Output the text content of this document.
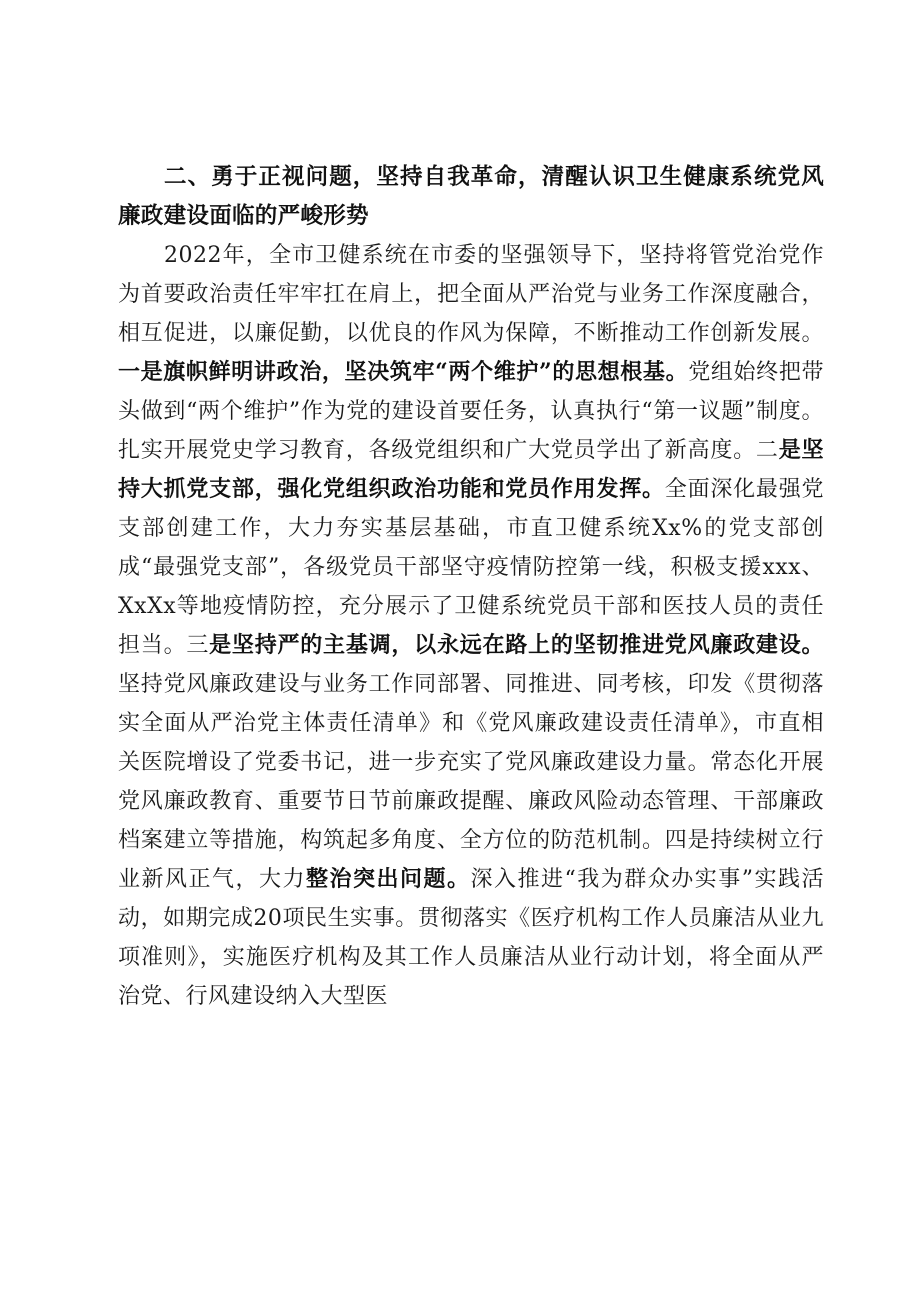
二、勇于正视问题，坚持自我革命，清醒认识卫生健康系统党风廉政建设面临的严峻形势

2022年，全市卫健系统在市委的坚强领导下，坚持将管党治党作为首要政治责任牢牢扛在肩上，把全面从严治党与业务工作深度融合，相互促进，以廉促勤，以优良的作风为保障，不断推动工作创新发展。一是旗帜鲜明讲政治，坚决筑牢“两个维护”的思想根基。党组始终把带头做到“两个维护”作为党的建设首要任务，认真执行“第一议题”制度。扎实开展党史学习教育，各级党组织和广大党员学出了新高度。二是坚持大抓党支部，强化党组织政治功能和党员作用发挥。全面深化最强党支部创建工作，大力夯实基层基础，市直卫健系统Xx%的党支部创成“最强党支部”，各级党员干部坚守疫情防控第一线，积极支援xxx、XxXx等地疫情防控，充分展示了卫健系统党员干部和医技人员的责任担当。三是坚持严的主基调，以永远在路上的坚韧推进党风廉政建设。坚持党风廉政建设与业务工作同部署、同推进、同考核，印发《贯彻落实全面从严治党主体责任清单》和《党风廉政建设责任清单》，市直相关医院增设了党委书记，进一步充实了党风廉政建设力量。常态化开展党风廉政教育、重要节日节前廉政提醒、廉政风险动态管理、干部廉政档案建立等措施，构筑起多角度、全方位的防范机制。四是持续树立行业新风正气，大力整治突出问题。深入推进“我为群众办实事”实践活动，如期完成20项民生实事。贯彻落实《医疗机构工作人员廉洁从业九项准则》，实施医疗机构及其工作人员廉洁从业行动计划，将全面从严治党、行风建设纳入大型医
